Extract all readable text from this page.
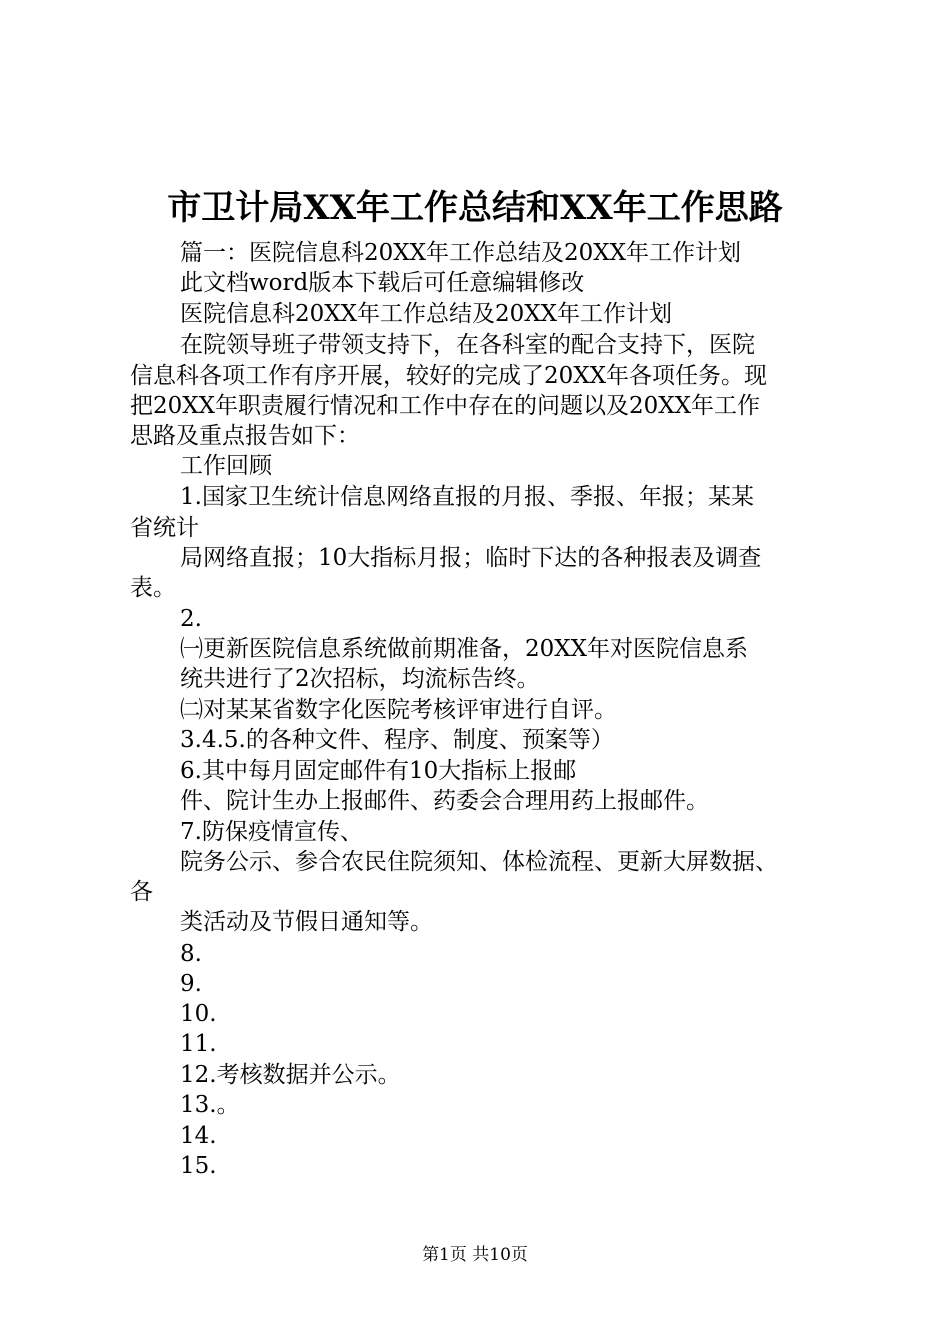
市卫计局XX年工作总结和XX年工作思路
篇一：医院信息科20XX年工作总结及20XX年工作计划
此文档word版本下载后可任意编辑修改
医院信息科20XX年工作总结及20XX年工作计划
在院领导班子带领支持下，在各科室的配合支持下，医院
信息科各项工作有序开展，较好的完成了20XX年各项任务。现
把20XX年职责履行情况和工作中存在的问题以及20XX年工作
思路及重点报告如下：
工作回顾
1.国家卫生统计信息网络直报的月报、季报、年报；某某
省统计
局网络直报；10大指标月报；临时下达的各种报表及调查
表。
2.
㈠更新医院信息系统做前期准备，20XX年对医院信息系
统共进行了2次招标，均流标告终。
㈡对某某省数字化医院考核评审进行自评。
3.4.5.的各种文件、程序、制度、预案等）
6.其中每月固定邮件有10大指标上报邮
件、院计生办上报邮件、药委会合理用药上报邮件。
7.防保疫情宣传、
院务公示、参合农民住院须知、体检流程、更新大屏数据、
各
类活动及节假日通知等。
8.
9.
10.
11.
12.考核数据并公示。
13.。
14.
15.
第1页 共10页
